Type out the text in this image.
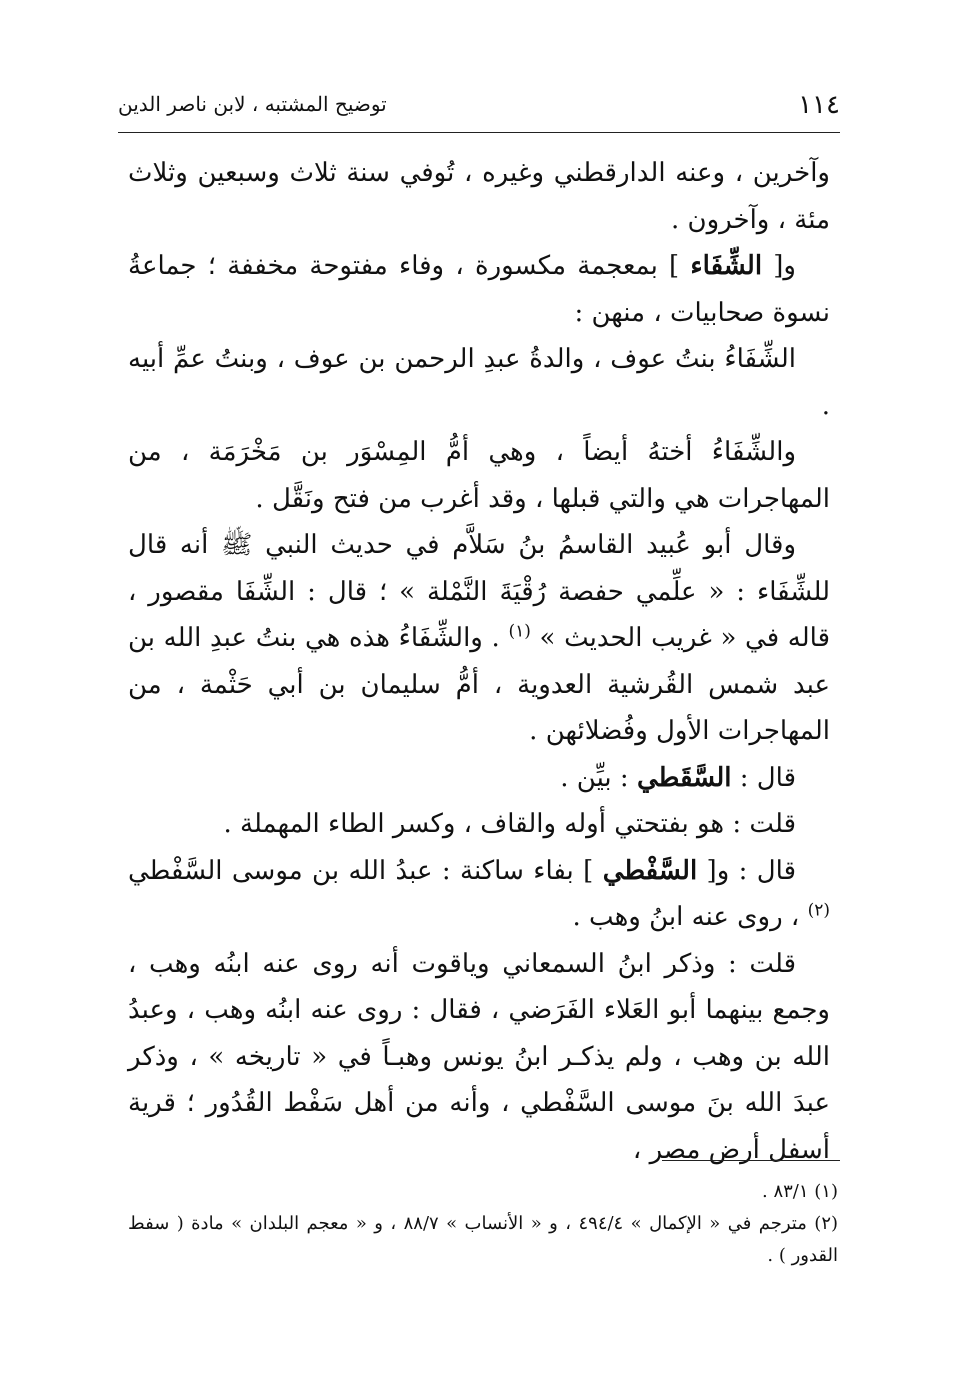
١١٤
توضيح المشتبه ، لابن ناصر الدين

وآخرين ، وعنه الدارقطني وغيره ، تُوفي سنة ثلاث وسبعين وثلاث مئة ، وآخرون .

و[ الشِّفَاء ] بمعجمة مكسورة ، وفاء مفتوحة مخففة ؛ جماعةُ نسوة صحابيات ، منهن :

الشِّفَاءُ بنتُ عوف ، والدةُ عبدِ الرحمن بن عوف ، وبنتُ عمِّ أبيه .

والشِّفَاءُ أختهُ أيضاً ، وهي أمُّ المِسْوَر بن مَخْرَمَة ، من المهاجرات هي والتي قبلها ، وقد أغرب من فتح ونَقَّل .

وقال أبو عُبيد القاسمُ بنُ سَلاَّم في حديث النبي ﷺ أنه قال للشِّفَاء : « علِّمي حفصة رُقْيَةَ النَّمْلة » ؛ قال : الشِّفَا مقصور ، قاله في « غريب الحديث » $^{(١)}$ . والشِّفَاءُ هذه هي بنتُ عبدِ الله بن عبد شمس القُرشية العدوية ، أمُّ سليمان بن أبي حَثْمة ، من المهاجرات الأول وفُضلائهن .

قال : السَّقَطي : بيِّن .

قلت : هو بفتحتي أوله والقاف ، وكسر الطاء المهملة .

قال : و[ السَّفْطي ] بفاء ساكنة : عبدُ الله بن موسى السَّفْطي $^{(٢)}$ ، روى عنه ابنُ وهب .

قلت : وذكر ابنُ السمعاني وياقوت أنه روى عنه ابنُه وهب ، وجمع بينهما أبو العَلاء الفَرَضي ، فقال : روى عنه ابنُه وهب ، وعبدُ الله بن وهب ، ولم يذكـر ابنُ يونس وهبـاً في « تاريخه » ، وذكر عبدَ الله بنَ موسى السَّفْطي ، وأنه من أهل سَفْط القُدُور ؛ قرية أسفل أرض مصر ،

(١) ٨٣/١ .

(٢) مترجم في « الإكمال » ٤٩٤/٤ ، و « الأنساب » ٨٨/٧ ، و « معجم البلدان » مادة ( سفط القدور ) .
